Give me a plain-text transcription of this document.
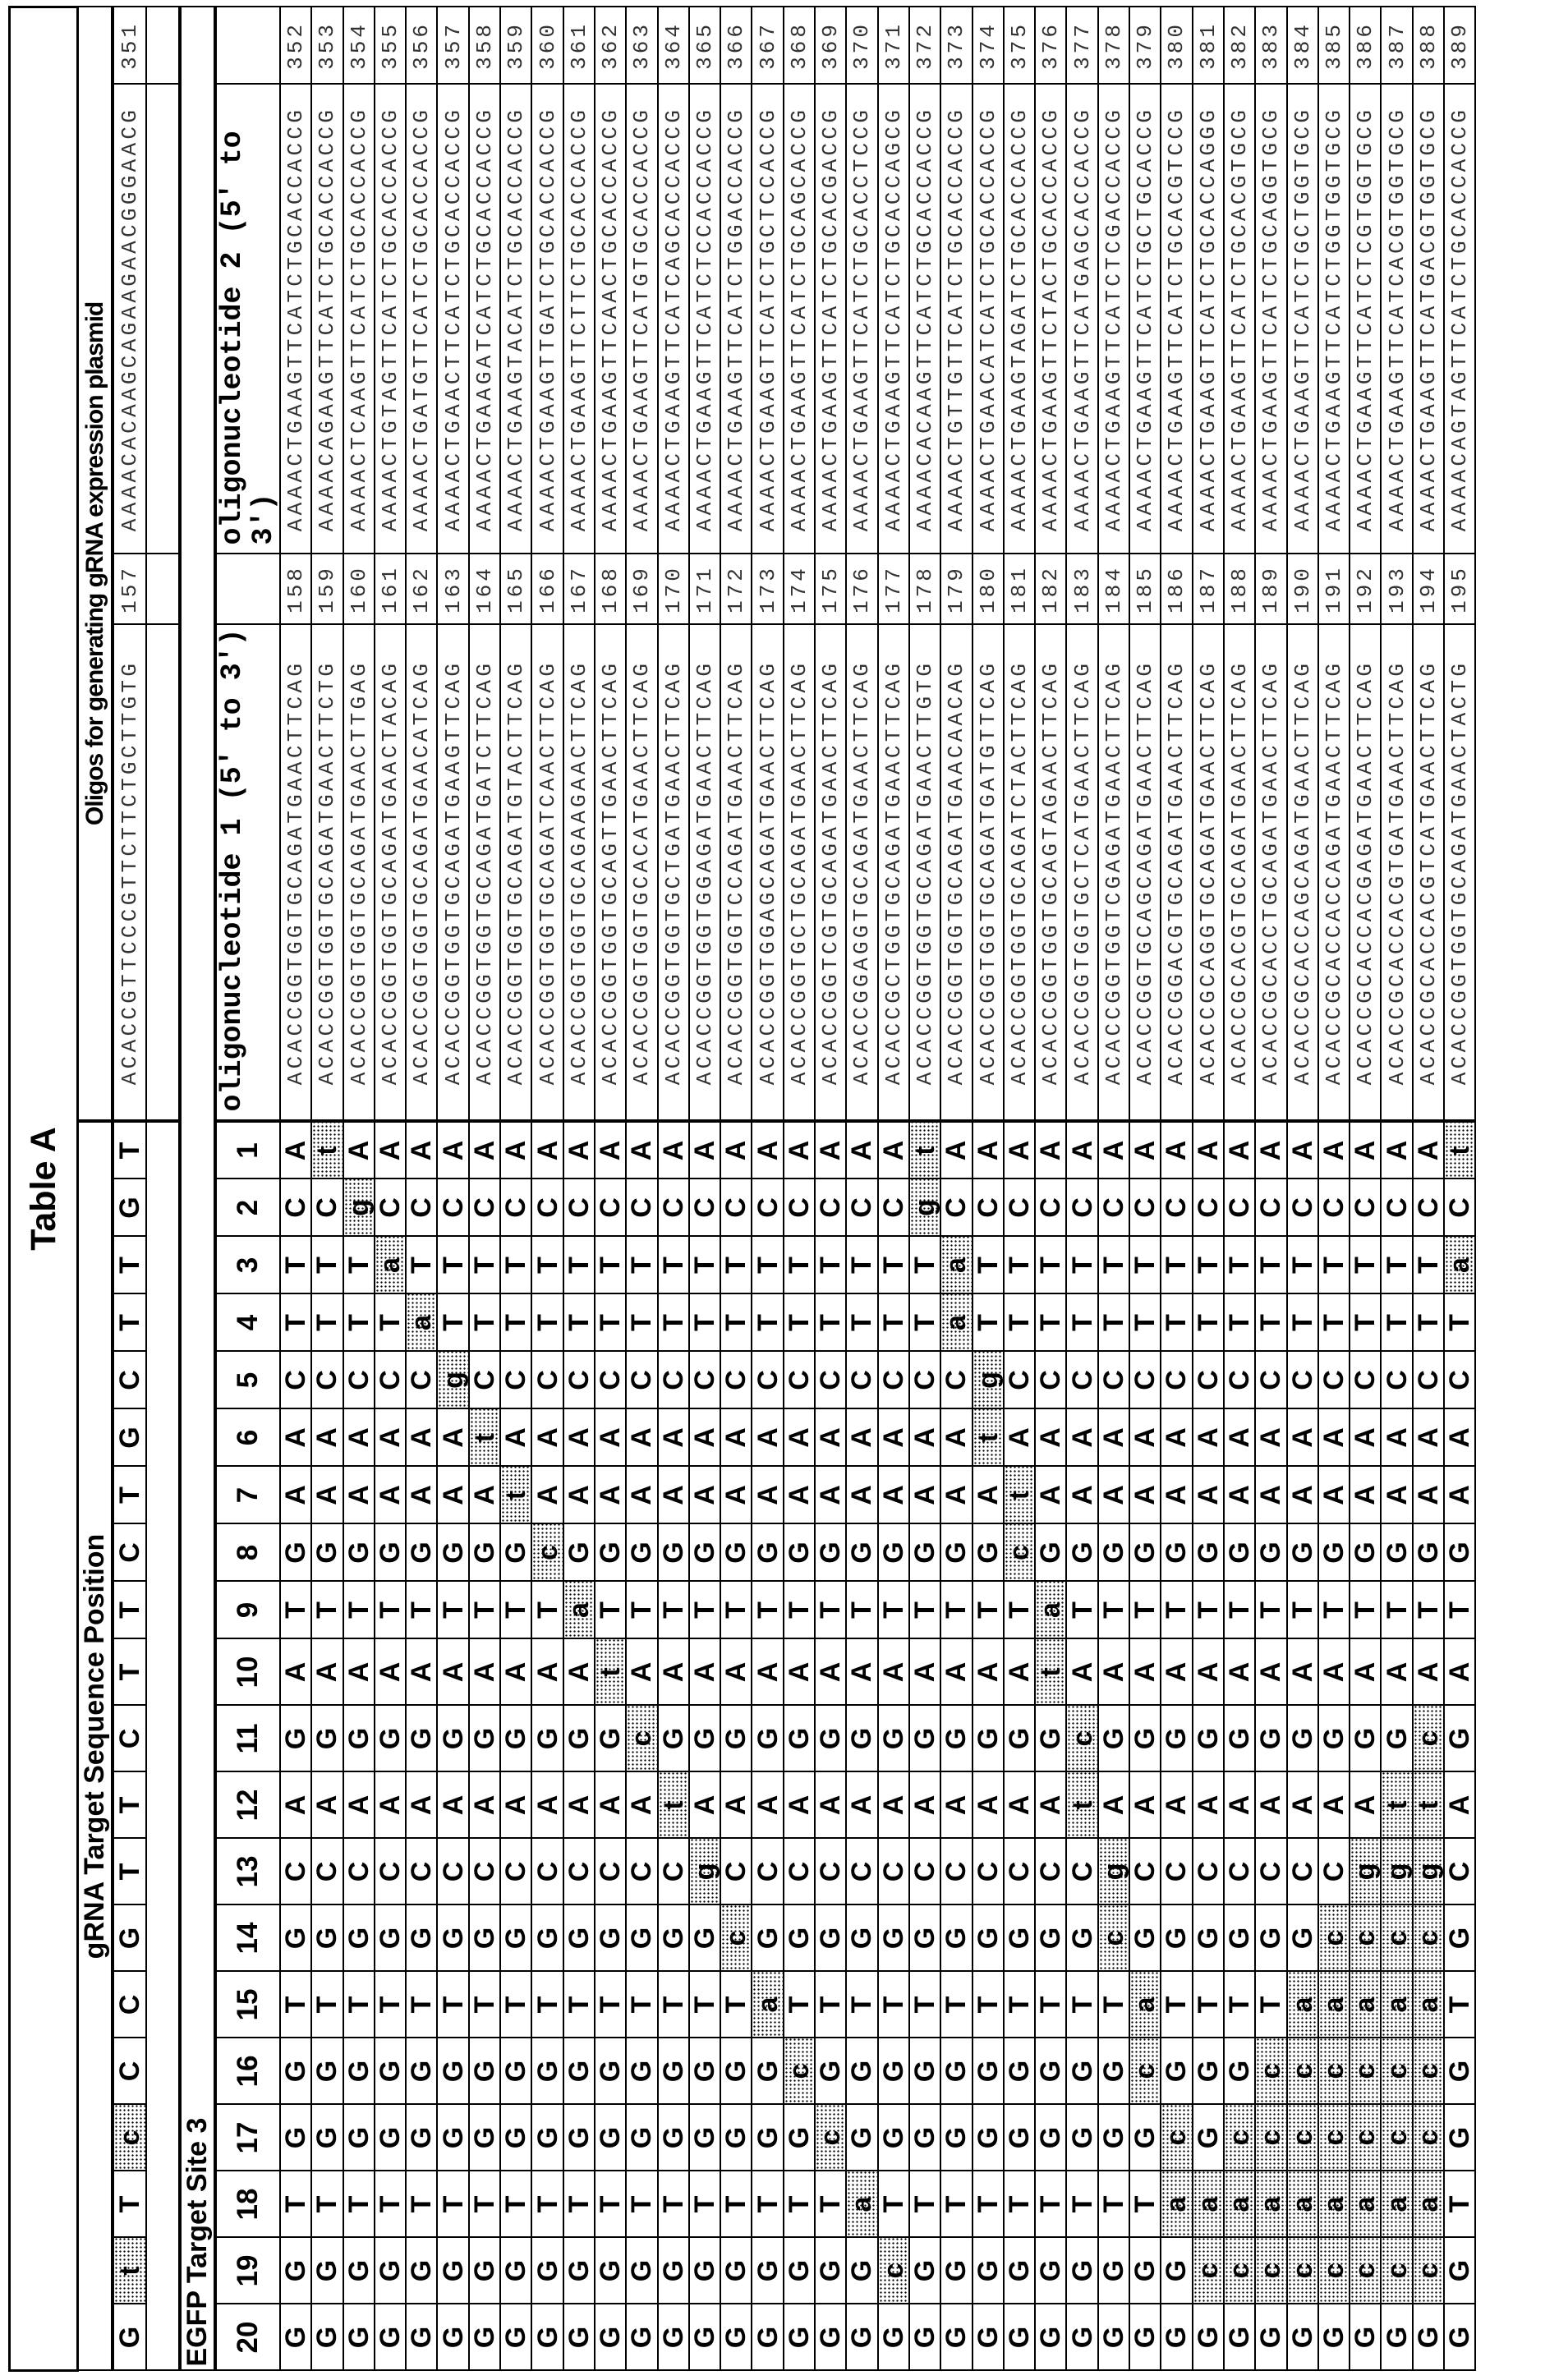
Table A
gRNA Target Sequence Position	Oligos for generating gRNA expression plasmid
G	t	T	c	C	C	G	T	T	C	T	T	C	T	G	C	T	T	G	T	ACACCGTTCCCGTTCTTCTGCTTGTG	157	AAAACACAAGCAGAAGAACGGGAACG	351

EGFP Target Site 320	19	18	17	16	15	14	13	12	11	10	9	8	7	6	5	4	3	2	1	oligonucleotide 1 (5' to 3')		oligonucleotide 2 (5' to 3')	
G	G	T	G	G	T	G	C	A	G	A	T	G	A	A	C	T	T	C	A	ACACCGGTGGTGCAGATGAACTTCAG	158	AAAACTGAAGTTCATCTGCACCACCG	352
G	G	T	G	G	T	G	C	A	G	A	T	G	A	A	C	T	T	C	t	ACACCGGTGGTGCAGATGAACTTCTG	159	AAAACAGAAGTTCATCTGCACCACCG	353
G	G	T	G	G	T	G	C	A	G	A	T	G	A	A	C	T	T	g	A	ACACCGGTGGTGCAGATGAACTTGAG	160	AAAACTCAAGTTCATCTGCACCACCG	354
G	G	T	G	G	T	G	C	A	G	A	T	G	A	A	C	T	a	C	A	ACACCGGTGGTGCAGATGAACTACAG	161	AAAACTGTAGTTCATCTGCACCACCG	355
G	G	T	G	G	T	G	C	A	G	A	T	G	A	A	C	a	T	C	A	ACACCGGTGGTGCAGATGAACATCAG	162	AAAACTGATGTTCATCTGCACCACCG	356
G	G	T	G	G	T	G	C	A	G	A	T	G	A	A	g	T	T	C	A	ACACCGGTGGTGCAGATGAAGTTCAG	163	AAAACTGAACTTCATCTGCACCACCG	357
G	G	T	G	G	T	G	C	A	G	A	T	G	A	t	C	T	T	C	A	ACACCGGTGGTGCAGATGATCTTCAG	164	AAAACTGAAGATCATCTGCACCACCG	358
G	G	T	G	G	T	G	C	A	G	A	T	G	t	A	C	T	T	C	A	ACACCGGTGGTGCAGATGTACTTCAG	165	AAAACTGAAGTACATCTGCACCACCG	359
G	G	T	G	G	T	G	C	A	G	A	T	c	A	A	C	T	T	C	A	ACACCGGTGGTGCAGATCAACTTCAG	166	AAAACTGAAGTTGATCTGCACCACCG	360
G	G	T	G	G	T	G	C	A	G	A	a	G	A	A	C	T	T	C	A	ACACCGGTGGTGCAGAAGAACTTCAG	167	AAAACTGAAGTTCTTCTGCACCACCG	361
G	G	T	G	G	T	G	C	A	G	t	T	G	A	A	C	T	T	C	A	ACACCGGTGGTGCAGTTGAACTTCAG	168	AAAACTGAAGTTCAACTGCACCACCG	362
G	G	T	G	G	T	G	C	A	c	A	T	G	A	A	C	T	T	C	A	ACACCGGTGGTGCACATGAACTTCAG	169	AAAACTGAAGTTCATGTGCACCACCG	363
G	G	T	G	G	T	G	C	t	G	A	T	G	A	A	C	T	T	C	A	ACACCGGTGGTGCTGATGAACTTCAG	170	AAAACTGAAGTTCATCAGCACCACCG	364
G	G	T	G	G	T	G	g	A	G	A	T	G	A	A	C	T	T	C	A	ACACCGGTGGTGGAGATGAACTTCAG	171	AAAACTGAAGTTCATCTCCACCACCG	365
G	G	T	G	G	T	c	C	A	G	A	T	G	A	A	C	T	T	C	A	ACACCGGTGGTCCAGATGAACTTCAG	172	AAAACTGAAGTTCATCTGGACCACCG	366
G	G	T	G	G	a	G	C	A	G	A	T	G	A	A	C	T	T	C	A	ACACCGGTGGAGCAGATGAACTTCAG	173	AAAACTGAAGTTCATCTGCTCCACCG	367
G	G	T	G	c	T	G	C	A	G	A	T	G	A	A	C	T	T	C	A	ACACCGGTGCTGCAGATGAACTTCAG	174	AAAACTGAAGTTCATCTGCAGCACCG	368
G	G	T	c	G	T	G	C	A	G	A	T	G	A	A	C	T	T	C	A	ACACCGGTCGTGCAGATGAACTTCAG	175	AAAACTGAAGTTCATCTGCACGACCG	369
G	G	a	G	G	T	G	C	A	G	A	T	G	A	A	C	T	T	C	A	ACACCGGAGGTGCAGATGAACTTCAG	176	AAAACTGAAGTTCATCTGCACCTCCG	370
G	c	T	G	G	T	G	C	A	G	A	T	G	A	A	C	T	T	C	A	ACACCGCTGGTGCAGATGAACTTCAG	177	AAAACTGAAGTTCATCTGCACCAGCG	371
G	G	T	G	G	T	G	C	A	G	A	T	G	A	A	C	T	T	g	t	ACACCGGTGGTGCAGATGAACTTGTG	178	AAAACACAAGTTCATCTGCACCACCG	372
G	G	T	G	G	T	G	C	A	G	A	T	G	A	A	C	a	a	C	A	ACACCGGTGGTGCAGATGAACAACAG	179	AAAACTGTTGTTCATCTGCACCACCG	373
G	G	T	G	G	T	G	C	A	G	A	T	G	A	t	g	T	T	C	A	ACACCGGTGGTGCAGATGATGTTCAG	180	AAAACTGAACATCATCTGCACCACCG	374
G	G	T	G	G	T	G	C	A	G	A	T	c	t	A	C	T	T	C	A	ACACCGGTGGTGCAGATCTACTTCAG	181	AAAACTGAAGTAGATCTGCACCACCG	375
G	G	T	G	G	T	G	C	A	G	t	a	G	A	A	C	T	T	C	A	ACACCGGTGGTGCAGTAGAACTTCAG	182	AAAACTGAAGTTCTACTGCACCACCG	376
G	G	T	G	G	T	G	C	t	c	A	T	G	A	A	C	T	T	C	A	ACACCGGTGGTGCTCATGAACTTCAG	183	AAAACTGAAGTTCATGAGCACCACCG	377
G	G	T	G	G	T	c	g	A	G	A	T	G	A	A	C	T	T	C	A	ACACCGGTGGTCGAGATGAACTTCAG	184	AAAACTGAAGTTCATCTCGACCACCG	378
G	G	T	G	c	a	G	C	A	G	A	T	G	A	A	C	T	T	C	A	ACACCGGTGCAGCAGATGAACTTCAG	185	AAAACTGAAGTTCATCTGCTGCACCG	379
G	G	a	c	G	T	G	C	A	G	A	T	G	A	A	C	T	T	C	A	ACACCGGACGTGCAGATGAACTTCAG	186	AAAACTGAAGTTCATCTGCACGTCCG	380
G	c	a	G	G	T	G	C	A	G	A	T	G	A	A	C	T	T	C	A	ACACCGCAGGTGCAGATGAACTTCAG	187	AAAACTGAAGTTCATCTGCACCAGGG	381
G	c	a	c	G	T	G	C	A	G	A	T	G	A	A	C	T	T	C	A	ACACCGCACGTGCAGATGAACTTCAG	188	AAAACTGAAGTTCATCTGCACGTGCG	382
G	c	a	c	c	T	G	C	A	G	A	T	G	A	A	C	T	T	C	A	ACACCGCACCTGCAGATGAACTTCAG	189	AAAACTGAAGTTCATCTGCAGGTGCG	383
G	c	a	c	c	a	G	C	A	G	A	T	G	A	A	C	T	T	C	A	ACACCGCACCAGCAGATGAACTTCAG	190	AAAACTGAAGTTCATCTGCTGGTGCG	384
G	c	a	c	c	a	c	C	A	G	A	T	G	A	A	C	T	T	C	A	ACACCGCACCACCAGATGAACTTCAG	191	AAAACTGAAGTTCATCTGGTGGTGCG	385
G	c	a	c	c	a	c	g	A	G	A	T	G	A	A	C	T	T	C	A	ACACCGCACCACGAGATGAACTTCAG	192	AAAACTGAAGTTCATCTCGTGGTGCG	386
G	c	a	c	c	a	c	g	t	G	A	T	G	A	A	C	T	T	C	A	ACACCGCACCACGTGATGAACTTCAG	193	AAAACTGAAGTTCATCACGTGGTGCG	387
G	c	a	c	c	a	c	g	t	c	A	T	G	A	A	C	T	T	C	A	ACACCGCACCACGTCATGAACTTCAG	194	AAAACTGAAGTTCATGACGTGGTGCG	388
G	G	T	G	G	T	G	C	A	G	A	T	G	A	A	C	T	a	C	t	ACACCGGTGGTGCAGATGAACTACTG	195	AAAACAGTAGTTCATCTGCACCACCG	389
